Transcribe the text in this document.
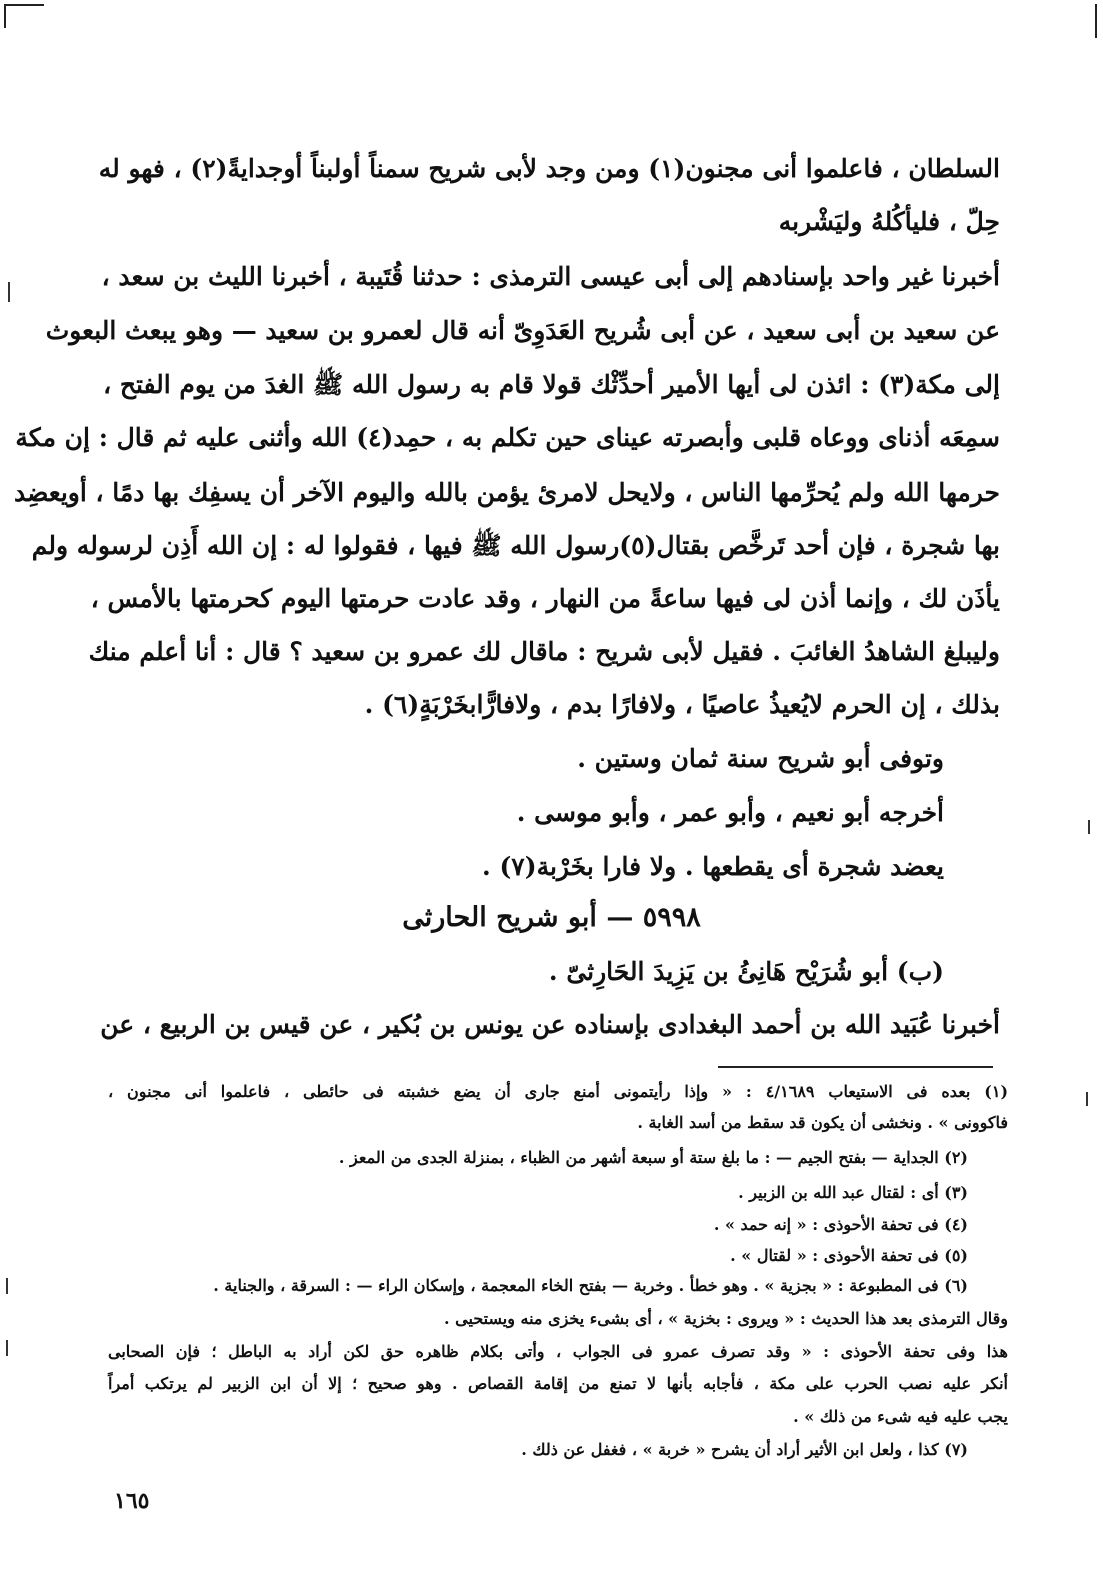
السلطان ، فاعلموا أنى مجنون(١) ومن وجد لأبى شريح سمناً أولبناً أوجدايةً(٢) ، فهو له
حِلّ ، فليأكُلهُ وليَشْربه
أخبرنا غير واحد بإسنادهم إلى أبى عيسى الترمذى : حدثنا قُتَيبة ، أخبرنا الليث بن سعد ،
عن سعيد بن أبى سعيد ، عن أبى شُريح العَدَوِىّ أنه قال لعمرو بن سعيد — وهو يبعث البعوث
إلى مكة(٣) : ائذن لى أيها الأمير أحدِّثْك قولا قام به رسول الله ﷺ الغدَ من يوم الفتح ،
سمِعَه أذناى ووعاه قلبى وأبصرته عيناى حين تكلم به ، حمِد(٤) الله وأثنى عليه ثم قال : إن مكة
حرمها الله ولم يُحرِّمها الناس ، ولايحل لامرئ يؤمن بالله واليوم الآخر أن يسفِك بها دمًا ، أويعضِد
بها شجرة ، فإن أحد تَرخَّص بقتال(٥)رسول الله ﷺ فيها ، فقولوا له : إن الله أَذِن لرسوله ولم
يأذَن لك ، وإنما أذن لى فيها ساعةً من النهار ، وقد عادت حرمتها اليوم كحرمتها بالأمس ،
وليبلغ الشاهدُ الغائبَ . فقيل لأبى شريح : ماقال لك عمرو بن سعيد ؟ قال : أنا أعلم منك
بذلك ، إن الحرم لايُعيذُ عاصيًا ، ولافارًا بدم ، ولافارًّابخَرْبَةٍ(٦) .
وتوفى أبو شريح سنة ثمان وستين .
أخرجه أبو نعيم ، وأبو عمر ، وأبو موسى .
يعضد شجرة أى يقطعها . ولا فارا بخَرْبة(٧) .
٥٩٩٨ — أبو شريح الحارثى
(ب) أبو شُرَيْح هَانِئُ بن يَزِيدَ الحَارِثىّ .
أخبرنا عُبَيد الله بن أحمد البغدادى بإسناده عن يونس بن بُكير ، عن قيس بن الربيع ، عن
(١) بعده فى الاستيعاب ٤/١٦٨٩ : « وإذا رأيتمونى أمنع جارى أن يضع خشبته فى حائطى ، فاعلموا أنى مجنون ،
فاكوونى » . ونخشى أن يكون قد سقط من أسد الغابة .
(٢) الجداية — بفتح الجيم — : ما بلغ ستة أو سبعة أشهر من الظباء ، بمنزلة الجدى من المعز .
(٣) أى : لقتال عبد الله بن الزبير .
(٤) فى تحفة الأحوذى : « إنه حمد » .
(٥) فى تحفة الأحوذى : « لقتال » .
(٦) فى المطبوعة : « بجزية » . وهو خطأ . وخربة — بفتح الخاء المعجمة ، وإسكان الراء — : السرقة ، والجناية .
وقال الترمذى بعد هذا الحديث : « ويروى : بخزية » ، أى بشىء يخزى منه ويستحيى .
هذا وفى تحفة الأحوذى : « وقد تصرف عمرو فى الجواب ، وأتى بكلام ظاهره حق لكن أراد به الباطل ؛ فإن الصحابى
أنكر عليه نصب الحرب على مكة ، فأجابه بأنها لا تمنع من إقامة القصاص . وهو صحيح ؛ إلا أن ابن الزبير لم يرتكب أمراً
يجب عليه فيه شىء من ذلك » .
(٧) كذا ، ولعل ابن الأثير أراد أن يشرح « خربة » ، فغفل عن ذلك .
١٦٥
